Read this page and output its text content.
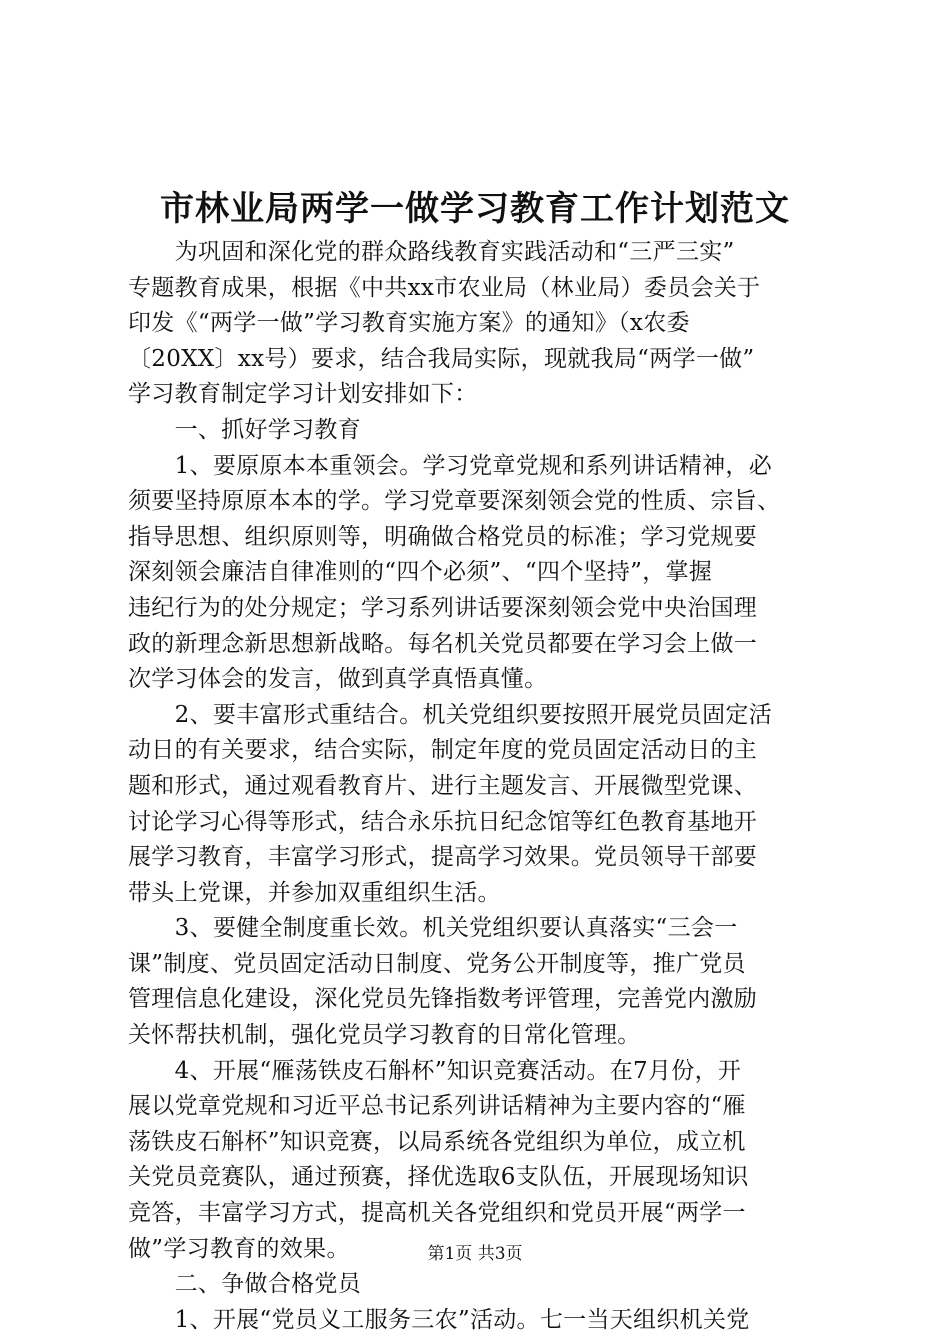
市林业局两学一做学习教育工作计划范文
　　为巩固和深化党的群众路线教育实践活动和“三严三实”
专题教育成果，根据《中共xx市农业局（林业局）委员会关于
印发《“两学一做”学习教育实施方案》的通知》（x农委
〔20XX〕xx号）要求，结合我局实际，现就我局“两学一做”
学习教育制定学习计划安排如下：
　　一、抓好学习教育
　　1、要原原本本重领会。学习党章党规和系列讲话精神，必
须要坚持原原本本的学。学习党章要深刻领会党的性质、宗旨、
指导思想、组织原则等，明确做合格党员的标准；学习党规要
深刻领会廉洁自律准则的“四个必须”、“四个坚持”，掌握
违纪行为的处分规定；学习系列讲话要深刻领会党中央治国理
政的新理念新思想新战略。每名机关党员都要在学习会上做一
次学习体会的发言，做到真学真悟真懂。
　　2、要丰富形式重结合。机关党组织要按照开展党员固定活
动日的有关要求，结合实际，制定年度的党员固定活动日的主
题和形式，通过观看教育片、进行主题发言、开展微型党课、
讨论学习心得等形式，结合永乐抗日纪念馆等红色教育基地开
展学习教育，丰富学习形式，提高学习效果。党员领导干部要
带头上党课，并参加双重组织生活。
　　3、要健全制度重长效。机关党组织要认真落实“三会一
课”制度、党员固定活动日制度、党务公开制度等，推广党员
管理信息化建设，深化党员先锋指数考评管理，完善党内激励
关怀帮扶机制，强化党员学习教育的日常化管理。
　　4、开展“雁荡铁皮石斛杯”知识竞赛活动。在7月份，开
展以党章党规和习近平总书记系列讲话精神为主要内容的“雁
荡铁皮石斛杯”知识竞赛，以局系统各党组织为单位，成立机
关党员竞赛队，通过预赛，择优选取6支队伍，开展现场知识
竞答，丰富学习方式，提高机关各党组织和党员开展“两学一
做”学习教育的效果。
　　二、争做合格党员
　　1、开展“党员义工服务三农”活动。七一当天组织机关党
第1页 共3页
